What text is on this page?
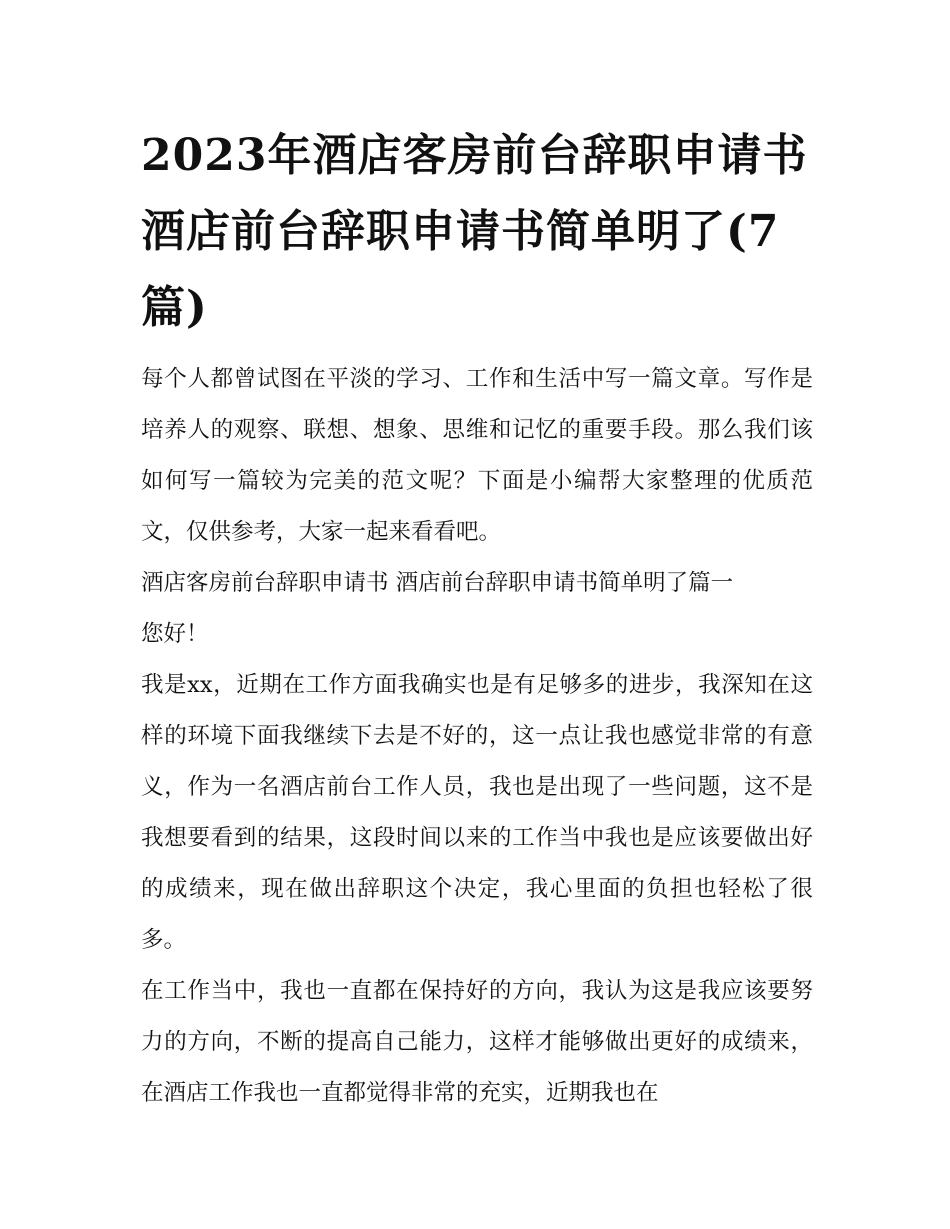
2023年酒店客房前台辞职申请书 酒店前台辞职申请书简单明了(7篇)

每个人都曾试图在平淡的学习、工作和生活中写一篇文章。写作是培养人的观察、联想、想象、思维和记忆的重要手段。那么我们该如何写一篇较为完美的范文呢？下面是小编帮大家整理的优质范文，仅供参考，大家一起来看看吧。

酒店客房前台辞职申请书 酒店前台辞职申请书简单明了篇一

您好！

我是xx，近期在工作方面我确实也是有足够多的进步，我深知在这样的环境下面我继续下去是不好的，这一点让我也感觉非常的有意义，作为一名酒店前台工作人员，我也是出现了一些问题，这不是我想要看到的结果，这段时间以来的工作当中我也是应该要做出好的成绩来，现在做出辞职这个决定，我心里面的负担也轻松了很多。

在工作当中，我也一直都在保持好的方向，我认为这是我应该要努力的方向，不断的提高自己能力，这样才能够做出更好的成绩来，在酒店工作我也一直都觉得非常的充实，近期我也在
